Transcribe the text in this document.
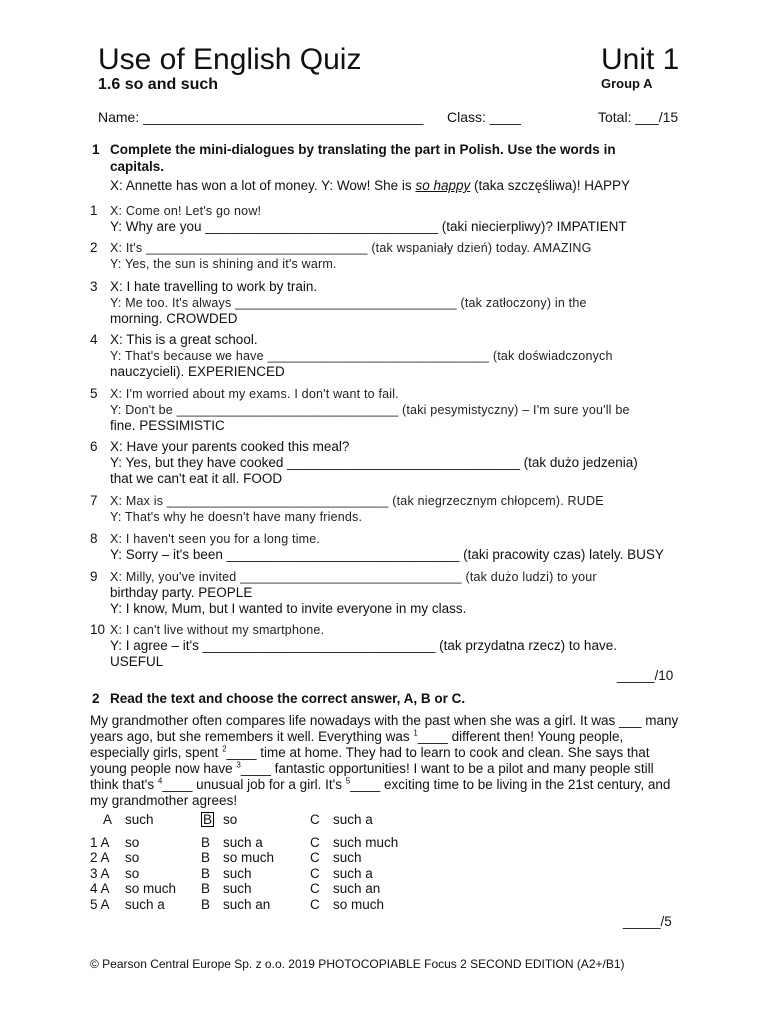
Use of English Quiz	Unit 1
1.6 so and such	Group A
Name: ____________________________________ Class: ____	Total: ___/15
1 Complete the mini-dialogues by translating the part in Polish. Use the words in capitals.
X: Annette has won a lot of money. Y: Wow! She is so happy (taka szczęśliwa)! HAPPY
1 X: Come on! Let's go now!
Y: Why are you _______________________________ (taki niecierpliwy)? IMPATIENT
2 X: It's _______________________________ (tak wspaniały dzień) today. AMAZING
Y: Yes, the sun is shining and it's warm.
3 X: I hate travelling to work by train.
Y: Me too. It's always _______________________________ (tak zatłoczony) in the
morning. CROWDED
4 X: This is a great school.
Y: That's because we have _______________________________ (tak doświadczonych
nauczycieli). EXPERIENCED
5 X: I'm worried about my exams. I don't want to fail.
Y: Don't be _______________________________ (taki pesymistyczny) – I'm sure you'll be
fine. PESSIMISTIC
6 X: Have your parents cooked this meal?
Y: Yes, but they have cooked _______________________________ (tak dużo jedzenia)
that we can't eat it all. FOOD
7 X: Max is _______________________________ (tak niegrzecznym chłopcem). RUDE
Y: That's why he doesn't have many friends.
8 X: I haven't seen you for a long time.
Y: Sorry – it's been _______________________________ (taki pracowity czas) lately. BUSY
9 X: Milly, you've invited _______________________________ (tak dużo ludzi) to your
birthday party. PEOPLE
Y: I know, Mum, but I wanted to invite everyone in my class.
10 X: I can't live without my smartphone.
Y: I agree – it's _______________________________ (tak przydatna rzecz) to have.
USEFUL
_____/10
2 Read the text and choose the correct answer, A, B or C.
My grandmother often compares life nowadays with the past when she was a girl. It was ___ many years ago, but she remembers it well. Everything was $^1$____ different then! Young people, especially girls, spent $^2$____ time at home. They had to learn to cook and clean. She says that young people now have $^3$____ fantastic opportunities! I want to be a pilot and many people still think that's $^4$____ unusual job for a girl. It's $^5$____ exciting time to be living in the 21st century, and my grandmother agrees!
A such	B so	C such a
1 A so	B such a	C such much
2 A so	B so much	C such
3 A so	B such	C such a
4 A so much B such	C such an
5 A such a	B such an	C so much
_____/5
© Pearson Central Europe Sp. z o.o. 2019 PHOTOCOPIABLE Focus 2 SECOND EDITION (A2+/B1)
